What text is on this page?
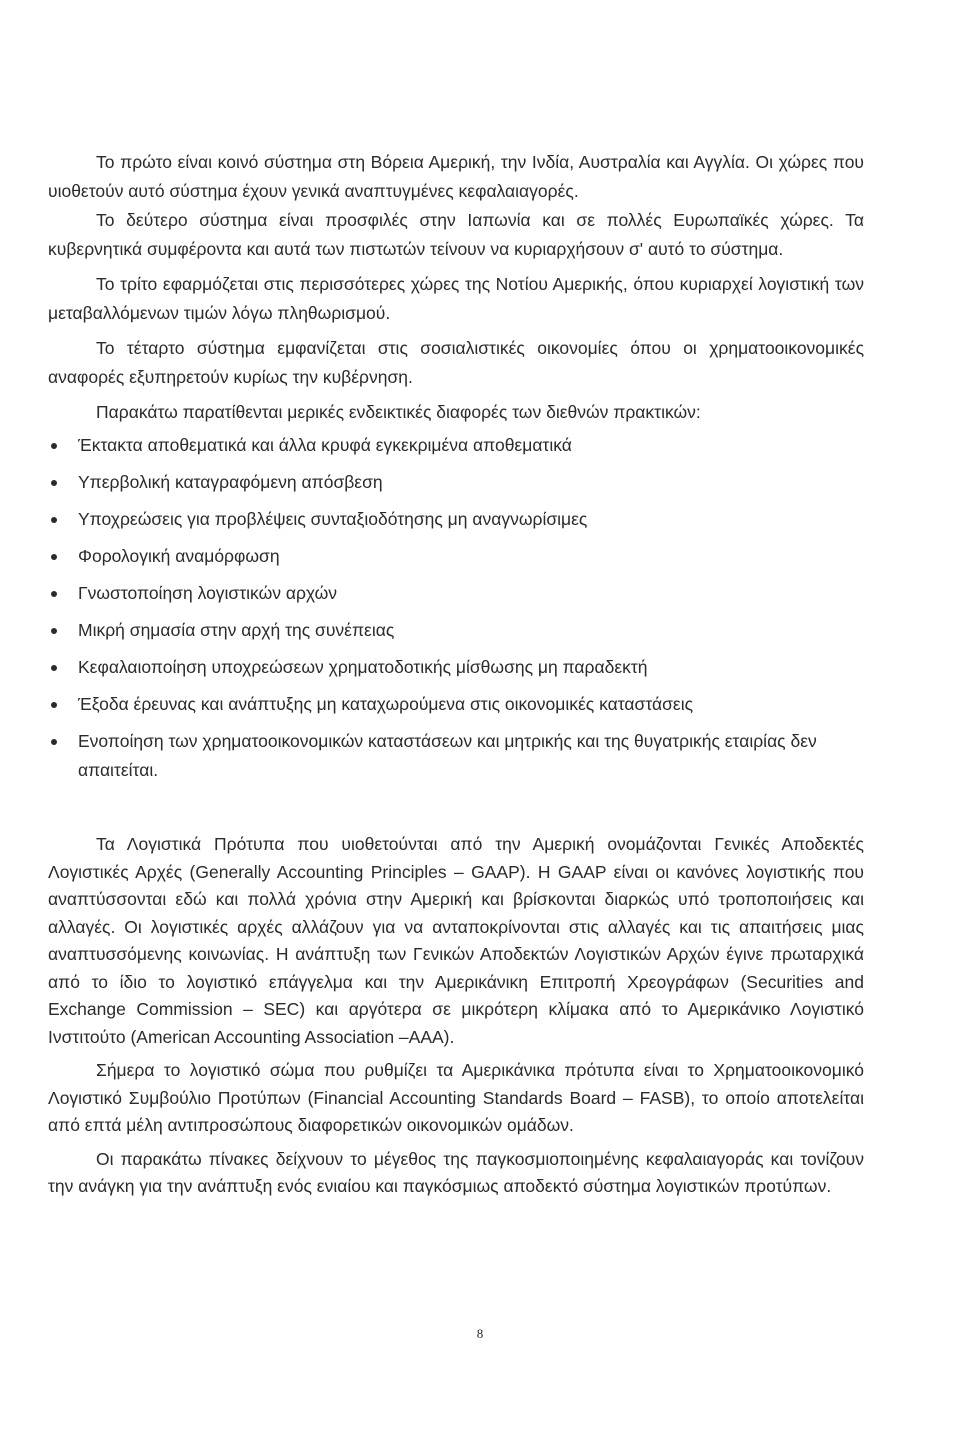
Το πρώτο είναι κοινό σύστημα στη Βόρεια Αμερική, την Ινδία, Αυστραλία και Αγγλία. Οι χώρες που υιοθετούν αυτό σύστημα έχουν γενικά αναπτυγμένες κεφαλαιαγορές.

Το δεύτερο σύστημα είναι προσφιλές στην Ιαπωνία και σε πολλές Ευρωπαϊκές χώρες. Τα κυβερνητικά συμφέροντα και αυτά των πιστωτών τείνουν να κυριαρχήσουν σ' αυτό το σύστημα.

Το τρίτο εφαρμόζεται στις περισσότερες χώρες της Νοτίου Αμερικής, όπου κυριαρχεί λογιστική των μεταβαλλόμενων τιμών λόγω πληθωρισμού.

Το τέταρτο σύστημα εμφανίζεται στις σοσιαλιστικές οικονομίες όπου οι χρηματοοικονομικές αναφορές εξυπηρετούν κυρίως την κυβέρνηση.

Παρακάτω παρατίθενται μερικές ενδεικτικές διαφορές των διεθνών πρακτικών:

Έκτακτα αποθεματικά και άλλα κρυφά εγκεκριμένα αποθεματικά
Υπερβολική καταγραφόμενη απόσβεση
Υποχρεώσεις για προβλέψεις συνταξιοδότησης μη αναγνωρίσιμες
Φορολογική αναμόρφωση
Γνωστοποίηση λογιστικών αρχών
Μικρή σημασία στην αρχή της συνέπειας
Κεφαλαιοποίηση υποχρεώσεων χρηματοδοτικής μίσθωσης μη παραδεκτή
Έξοδα έρευνας και ανάπτυξης μη καταχωρούμενα στις οικονομικές καταστάσεις
Ενοποίηση των χρηματοοικονομικών καταστάσεων και μητρικής και της θυγατρικής εταιρίας δεν απαιτείται.

Τα Λογιστικά Πρότυπα που υιοθετούνται από την Αμερική ονομάζονται Γενικές Αποδεκτές Λογιστικές Αρχές (Generally Accounting Principles – GAAP). Η GAAP είναι οι κανόνες λογιστικής που αναπτύσσονται εδώ και πολλά χρόνια στην Αμερική και βρίσκονται διαρκώς υπό τροποποιήσεις και αλλαγές. Οι λογιστικές αρχές αλλάζουν για να ανταποκρίνονται στις αλλαγές και τις απαιτήσεις μιας αναπτυσσόμενης κοινωνίας. Η ανάπτυξη των Γενικών Αποδεκτών Λογιστικών Αρχών έγινε πρωταρχικά από το ίδιο το λογιστικό επάγγελμα και την Αμερικάνικη Επιτροπή Χρεογράφων (Securities and Exchange Commission – SEC) και αργότερα σε μικρότερη κλίμακα από το Αμερικάνικο Λογιστικό Ινστιτούτο (American Accounting Association –AAA).

Σήμερα το λογιστικό σώμα που ρυθμίζει τα Αμερικάνικα πρότυπα είναι το Χρηματοοικονομικό Λογιστικό Συμβούλιο Προτύπων (Financial Accounting Standards Board – FASB), το οποίο αποτελείται από επτά μέλη αντιπροσώπους διαφορετικών οικονομικών ομάδων.

Οι παρακάτω πίνακες δείχνουν το μέγεθος της παγκοσμιοποιημένης κεφαλαιαγοράς και τονίζουν την ανάγκη για την ανάπτυξη ενός ενιαίου και παγκόσμιως αποδεκτό σύστημα λογιστικών προτύπων.

8
